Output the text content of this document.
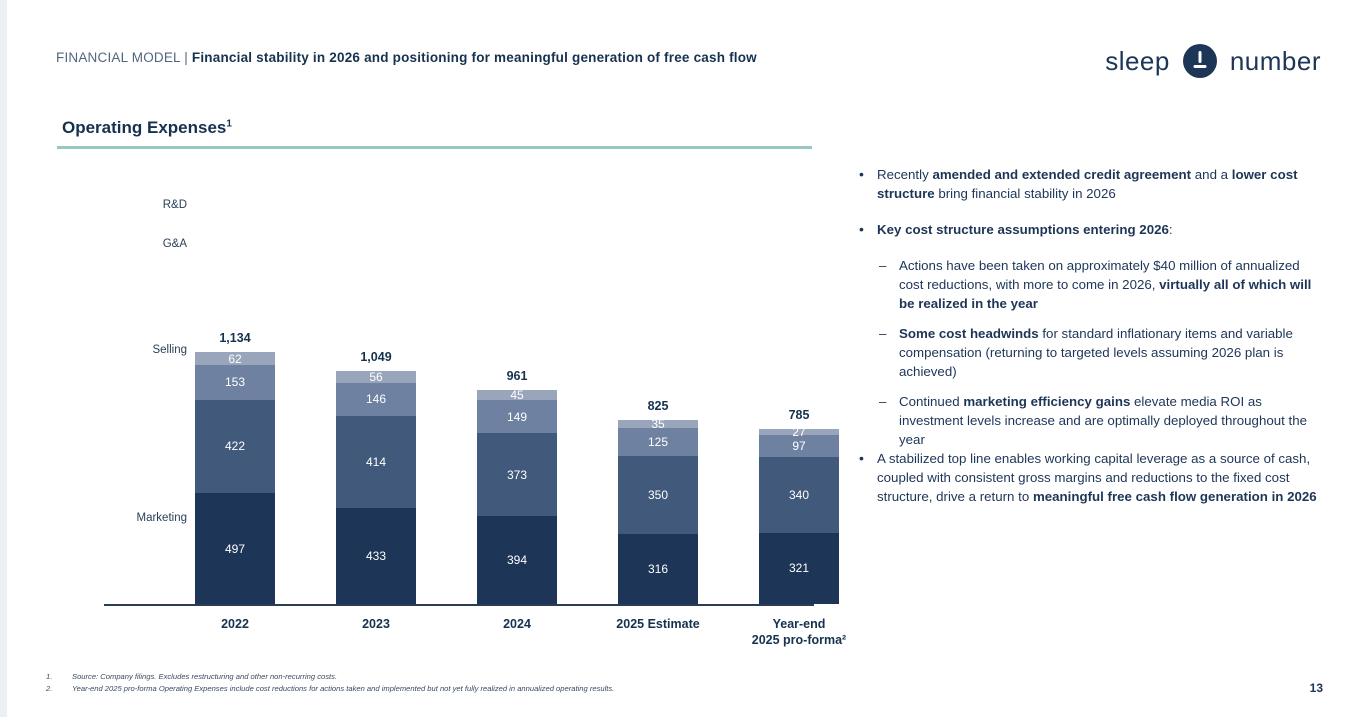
FINANCIAL MODEL | Financial stability in 2026 and positioning for meaningful generation of free cash flow	sleep number
Operating Expenses$^1$
497
422
153
62
1,134
433
414
146
56
1,049
394
373
149
45
961
316
350
125
35
825
321
340
97
27
785
2022	2023	2024	2025 Estimate	Year-end
2025 pro-forma²
R&D
G&A
Selling
Marketing
• Recently amended and extended credit agreement and a lower cost structure bring financial stability in 2026
• Key cost structure assumptions entering 2026:
– Actions have been taken on approximately $40 million of annualized cost reductions, with more to come in 2026, virtually all of which will be realized in the year
– Some cost headwinds for standard inflationary items and variable compensation (returning to targeted levels assuming 2026 plan is achieved)
– Continued marketing efficiency gains elevate media ROI as investment levels increase and are optimally deployed throughout the year
• A stabilized top line enables working capital leverage as a source of cash, coupled with consistent gross margins and reductions to the fixed cost structure, drive a return to meaningful free cash flow generation in 2026
1.	Source: Company filings. Excludes restructuring and other non-recurring costs.
2.	Year-end 2025 pro-forma Operating Expenses include cost reductions for actions taken and implemented but not yet fully realized in annualized operating results.	13
